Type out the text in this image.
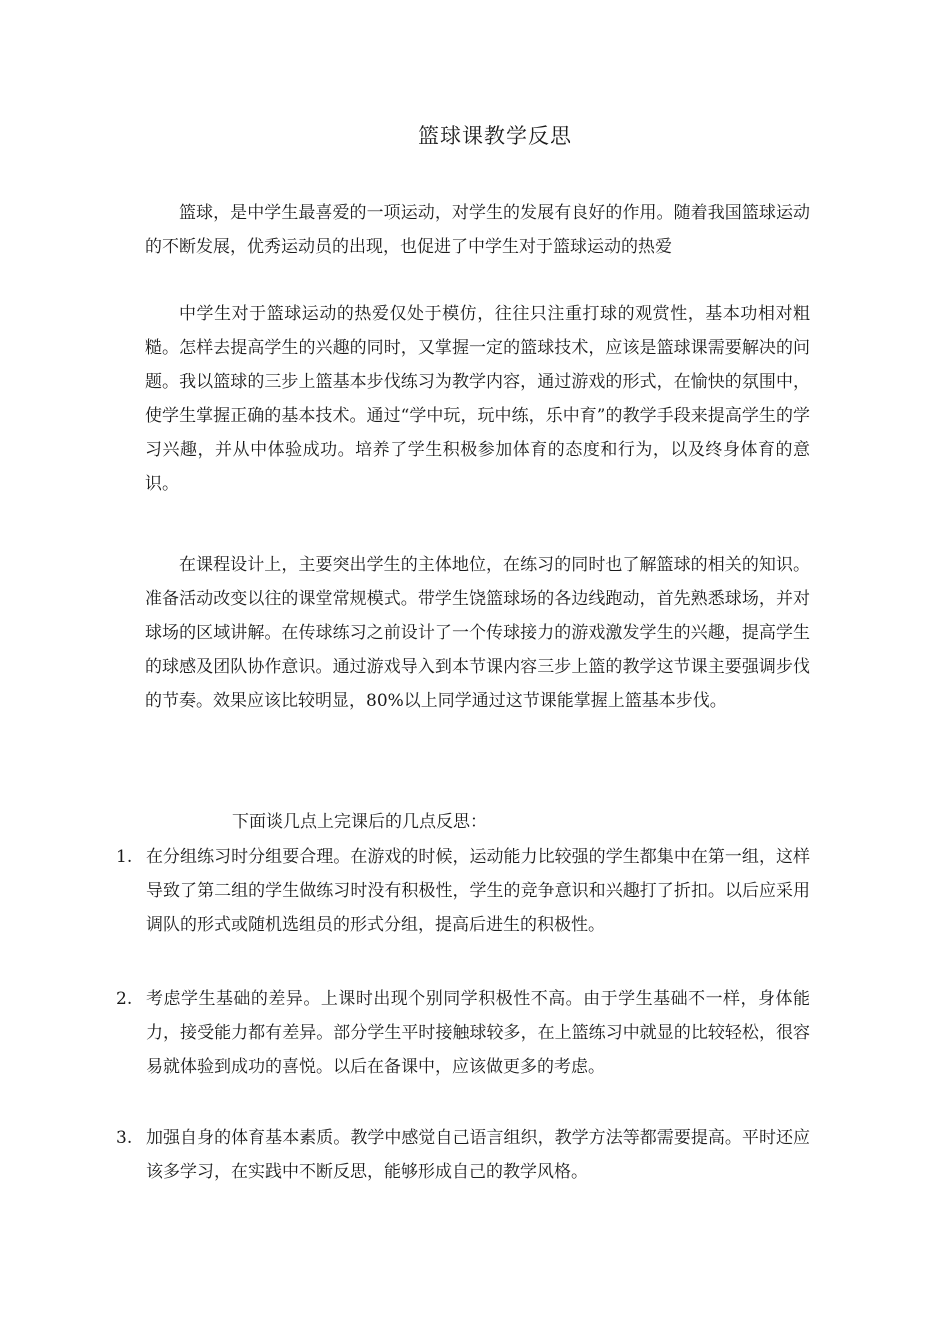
篮球课教学反思

篮球，是中学生最喜爱的一项运动，对学生的发展有良好的作用。随着我国篮球运动的不断发展，优秀运动员的出现，也促进了中学生对于篮球运动的热爱

中学生对于篮球运动的热爱仅处于模仿，往往只注重打球的观赏性，基本功相对粗糙。怎样去提高学生的兴趣的同时，又掌握一定的篮球技术，应该是篮球课需要解决的问题。我以篮球的三步上篮基本步伐练习为教学内容，通过游戏的形式，在愉快的氛围中，使学生掌握正确的基本技术。通过“学中玩，玩中练，乐中育”的教学手段来提高学生的学习兴趣，并从中体验成功。培养了学生积极参加体育的态度和行为，以及终身体育的意识。

在课程设计上，主要突出学生的主体地位，在练习的同时也了解篮球的相关的知识。准备活动改变以往的课堂常规模式。带学生饶篮球场的各边线跑动，首先熟悉球场，并对球场的区域讲解。在传球练习之前设计了一个传球接力的游戏激发学生的兴趣，提高学生的球感及团队协作意识。通过游戏导入到本节课内容三步上篮的教学这节课主要强调步伐的节奏。效果应该比较明显，80%以上同学通过这节课能掌握上篮基本步伐。

下面谈几点上完课后的几点反思：

1. 在分组练习时分组要合理。在游戏的时候，运动能力比较强的学生都集中在第一组，这样导致了第二组的学生做练习时没有积极性，学生的竞争意识和兴趣打了折扣。以后应采用调队的形式或随机选组员的形式分组，提高后进生的积极性。
2. 考虑学生基础的差异。上课时出现个别同学积极性不高。由于学生基础不一样，身体能力，接受能力都有差异。部分学生平时接触球较多，在上篮练习中就显的比较轻松，很容易就体验到成功的喜悦。以后在备课中，应该做更多的考虑。
3. 加强自身的体育基本素质。教学中感觉自己语言组织，教学方法等都需要提高。平时还应该多学习，在实践中不断反思，能够形成自己的教学风格。
